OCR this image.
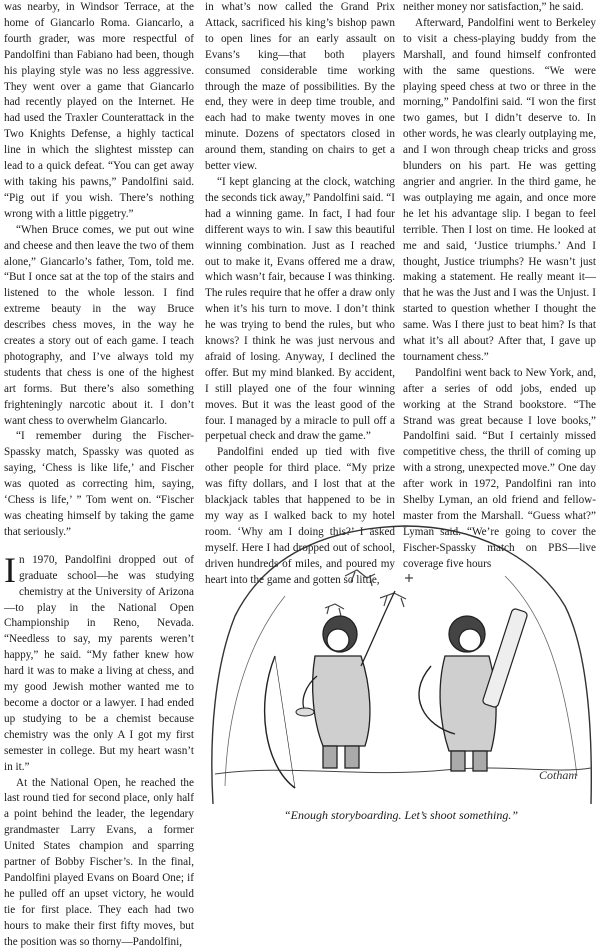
was nearby, in Windsor Terrace, at the home of Giancarlo Roma. Giancarlo, a fourth grader, was more respectful of Pandolfini than Fabiano had been, though his playing style was no less aggressive. They went over a game that Giancarlo had recently played on the Internet. He had used the Traxler Counterattack in the Two Knights Defense, a highly tactical line in which the slightest misstep can lead to a quick defeat. “You can get away with taking his pawns,” Pandolfini said. “Pig out if you wish. There’s nothing wrong with a little piggetry.”

“When Bruce comes, we put out wine and cheese and then leave the two of them alone,” Giancarlo’s father, Tom, told me. “But I once sat at the top of the stairs and listened to the whole lesson. I find extreme beauty in the way Bruce describes chess moves, in the way he creates a story out of each game. I teach photography, and I’ve always told my students that chess is one of the highest art forms. But there’s also something frighteningly narcotic about it. I don’t want chess to overwhelm Giancarlo.

“I remember during the Fischer-Spassky match, Spassky was quoted as saying, ‘Chess is like life,’ and Fischer was quoted as correcting him, saying, ‘Chess is life,’ ” Tom went on. “Fischer was cheating himself by taking the game that seriously.”

In 1970, Pandolfini dropped out of graduate school—he was studying chemistry at the University of Arizona—to play in the National Open Championship in Reno, Nevada. “Needless to say, my parents weren’t happy,” he said. “My father knew how hard it was to make a living at chess, and my good Jewish mother wanted me to become a doctor or a lawyer. I had ended up studying to be a chemist because chemistry was the only A I got my first semester in college. But my heart wasn’t in it.”

At the National Open, he reached the last round tied for second place, only half a point behind the leader, the legendary grandmaster Larry Evans, a former United States champion and sparring partner of Bobby Fischer’s. In the final, Pandolfini played Evans on Board One; if he pulled off an upset victory, he would tie for first place. They each had two hours to make their first fifty moves, but the position was so thorny—Pandolfini,

in what’s now called the Grand Prix Attack, sacrificed his king’s bishop pawn to open lines for an early assault on Evans’s king—that both players consumed considerable time working through the maze of possibilities. By the end, they were in deep time trouble, and each had to make twenty moves in one minute. Dozens of spectators closed in around them, standing on chairs to get a better view.

“I kept glancing at the clock, watching the seconds tick away,” Pandolfini said. “I had a winning game. In fact, I had four different ways to win. I saw this beautiful winning combination. Just as I reached out to make it, Evans offered me a draw, which wasn’t fair, because I was thinking. The rules require that he offer a draw only when it’s his turn to move. I don’t think he was trying to bend the rules, but who knows? I think he was just nervous and afraid of losing. Anyway, I declined the offer. But my mind blanked. By accident, I still played one of the four winning moves. But it was the least good of the four. I managed by a miracle to pull off a perpetual check and draw the game.”

Pandolfini ended up tied with five other people for third place. “My prize was fifty dollars, and I lost that at the blackjack tables that happened to be in my way as I walked back to my hotel room. ‘Why am I doing this?’ I asked myself. Here I had dropped out of school, driven hundreds of miles, and poured my heart into the game and gotten so little,

neither money nor satisfaction,” he said.

Afterward, Pandolfini went to Berkeley to visit a chess-playing buddy from the Marshall, and found himself confronted with the same questions. “We were playing speed chess at two or three in the morning,” Pandolfini said. “I won the first two games, but I didn’t deserve to. In other words, he was clearly outplaying me, and I won through cheap tricks and gross blunders on his part. He was getting angrier and angrier. In the third game, he was outplaying me again, and once more he let his advantage slip. I began to feel terrible. Then I lost on time. He looked at me and said, ‘Justice triumphs.’ And I thought, Justice triumphs? He wasn’t just making a statement. He really meant it—that he was the Just and I was the Unjust. I started to question whether I thought the same. Was I there just to beat him? Is that what it’s all about? After that, I gave up tournament chess.”

Pandolfini went back to New York, and, after a series of odd jobs, ended up working at the Strand bookstore. “The Strand was great because I love books,” Pandolfini said. “But I certainly missed competitive chess, the thrill of coming up with a strong, unexpected move.” One day after work in 1972, Pandolfini ran into Shelby Lyman, an old friend and fellow-master from the Marshall. “Guess what?” Lyman said. “We’re going to cover the Fischer-Spassky match on PBS—live coverage five hours

Cotham
“Enough storyboarding. Let’s shoot something.”
